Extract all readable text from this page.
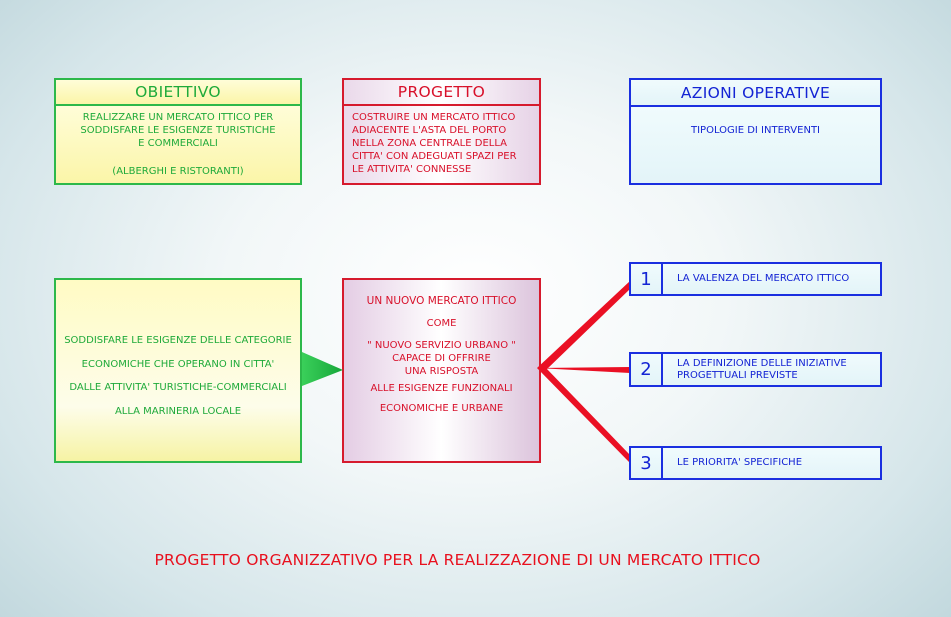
OBIETTIVO
REALIZZARE UN MERCATO ITTICO PER
SODDISFARE LE ESIGENZE TURISTICHE
E COMMERCIALI
(ALBERGHI E RISTORANTI)
PROGETTO
COSTRUIRE UN MERCATO ITTICO
ADIACENTE L'ASTA DEL PORTO
NELLA ZONA CENTRALE DELLA
CITTA' CON ADEGUATI SPAZI PER
LE ATTIVITA' CONNESSE
AZIONI OPERATIVE
TIPOLOGIE DI INTERVENTI
SODDISFARE LE ESIGENZE DELLE CATEGORIE
ECONOMICHE CHE OPERANO IN CITTA'
DALLE ATTIVITA' TURISTICHE-COMMERCIALI
ALLA MARINERIA LOCALE
UN NUOVO MERCATO ITTICO
COME
" NUOVO SERVIZIO URBANO "
CAPACE DI OFFRIRE
UNA RISPOSTA
ALLE ESIGENZE FUNZIONALI
ECONOMICHE E URBANE
1	LA VALENZA DEL MERCATO ITTICO
2	LA DEFINIZIONE DELLE INIZIATIVE
PROGETTUALI PREVISTE
3	LE PRIORITA' SPECIFICHE
PROGETTO ORGANIZZATIVO PER LA REALIZZAZIONE DI UN MERCATO ITTICO
